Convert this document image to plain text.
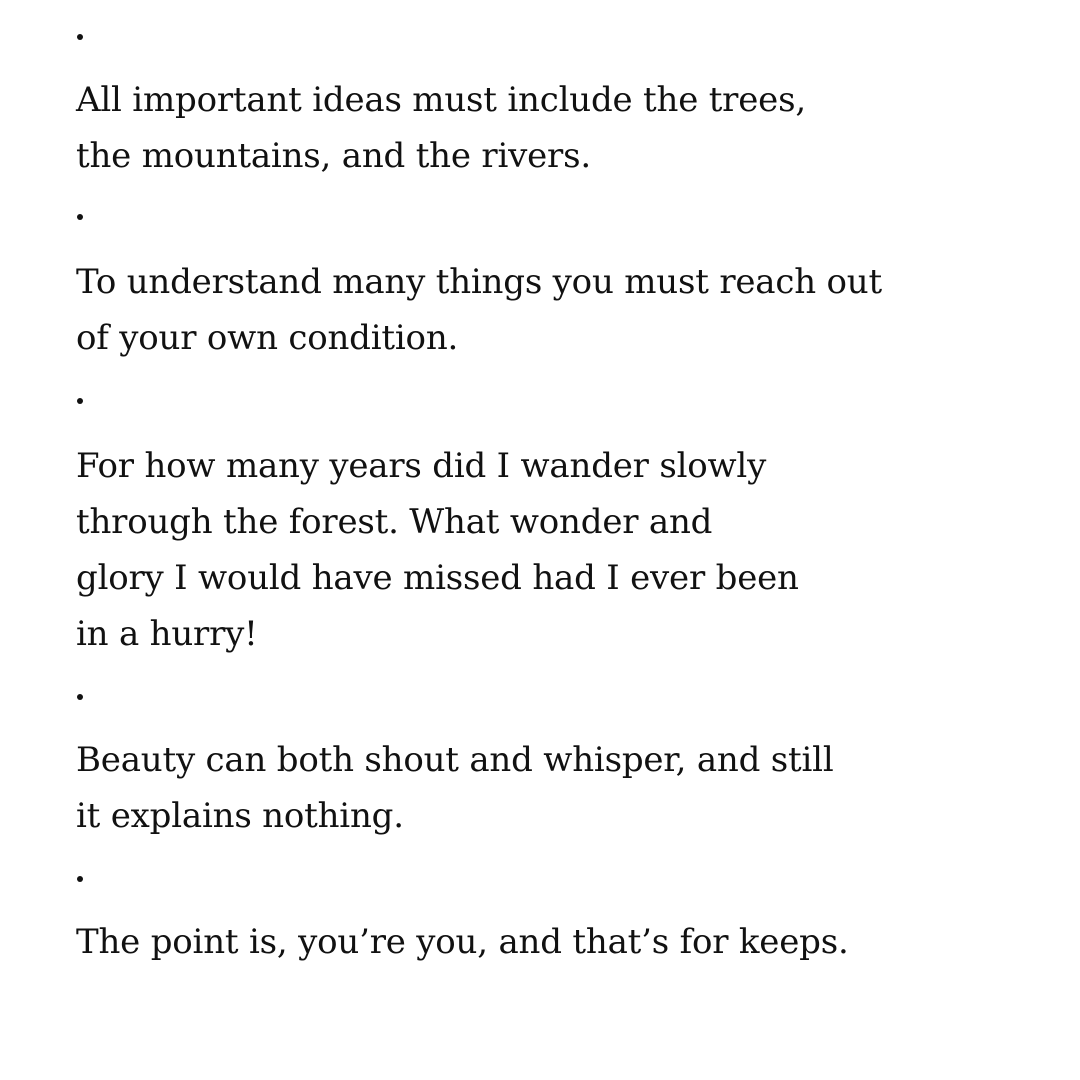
All important ideas must include the trees,
the mountains, and the rivers.
To understand many things you must reach out
of your own condition.
For how many years did I wander slowly
through the forest. What wonder and
glory I would have missed had I ever been
in a hurry!
Beauty can both shout and whisper, and still
it explains nothing.
The point is, you’re you, and that’s for keeps.
